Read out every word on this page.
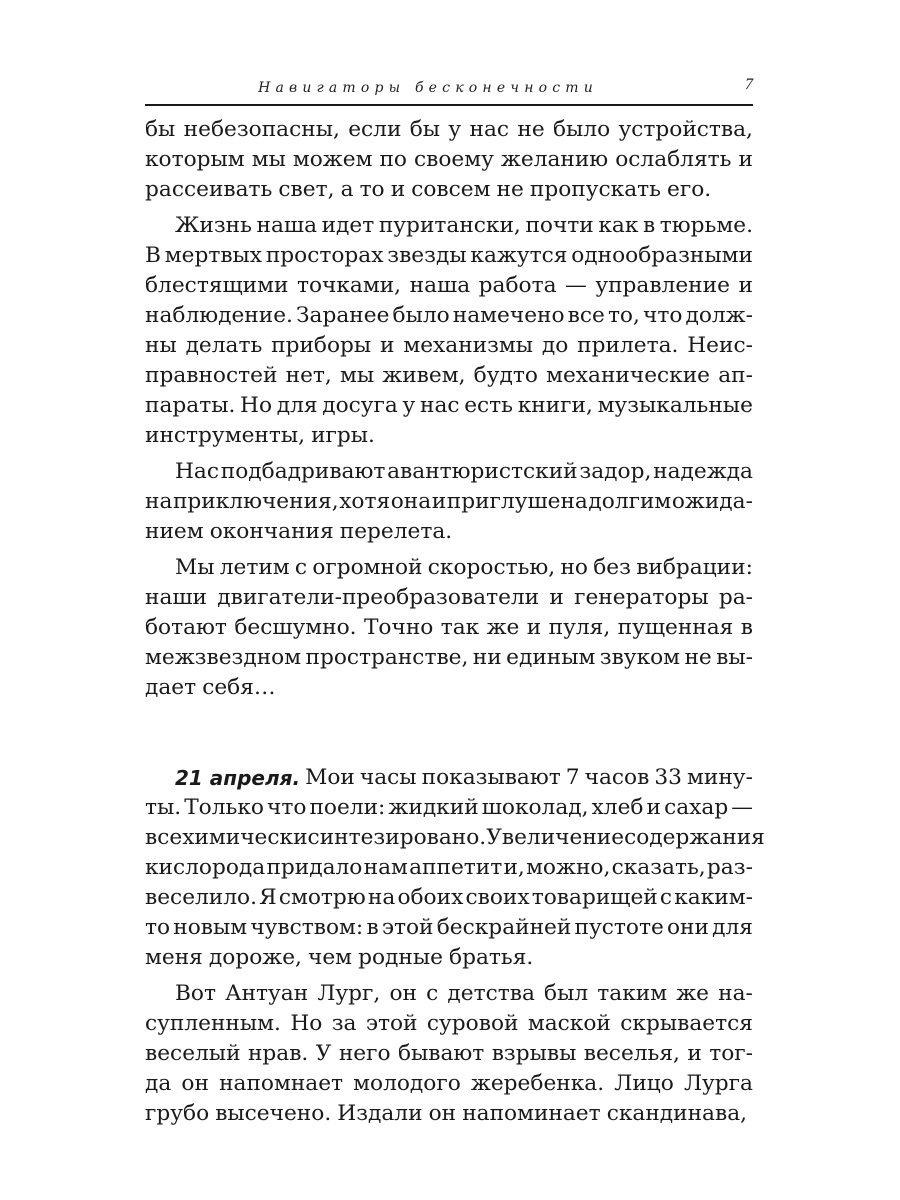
Навигаторы бесконечности	7
бы небезопасны, если бы у нас не было устройства,
которым мы можем по своему желанию ослаблять и
рассеивать свет, а то и совсем не пропускать его.
Жизнь наша идет пуритански, почти как в тюрьме.
В мертвых просторах звезды кажутся однообразными
блестящими точками, наша работа — управление и
наблюдение. Заранее было намечено все то, что долж-
ны делать приборы и механизмы до прилета. Неис-
правностей нет, мы живем, будто механические ап-
параты. Но для досуга у нас есть книги, музыкальные
инструменты, игры.
Нас подбадривают авантюристский задор, надежда
на приключения, хотя она и приглушена долгим ожида-
нием окончания перелета.
Мы летим с огромной скоростью, но без вибрации:
наши двигатели-преобразователи и генераторы ра-
ботают бесшумно. Точно так же и пуля, пущенная в
межзвездном пространстве, ни единым звуком не вы-
дает себя…
21 апреля. Мои часы показывают 7 часов 33 мину-
ты. Только что поели: жидкий шоколад, хлеб и сахар —
все химически синтезировано. Увеличение содержания
кислорода придало нам аппетит и, можно, сказать, раз-
веселило. Я смотрю на обоих своих товарищей с каким-
то новым чувством: в этой бескрайней пустоте они для
меня дороже, чем родные братья.
Вот Антуан Лург, он с детства был таким же на-
супленным. Но за этой суровой маской скрывается
веселый нрав. У него бывают взрывы веселья, и тог-
да он напомнает молодого жеребенка. Лицо Лурга
грубо высечено. Издали он напоминает скандинава,
